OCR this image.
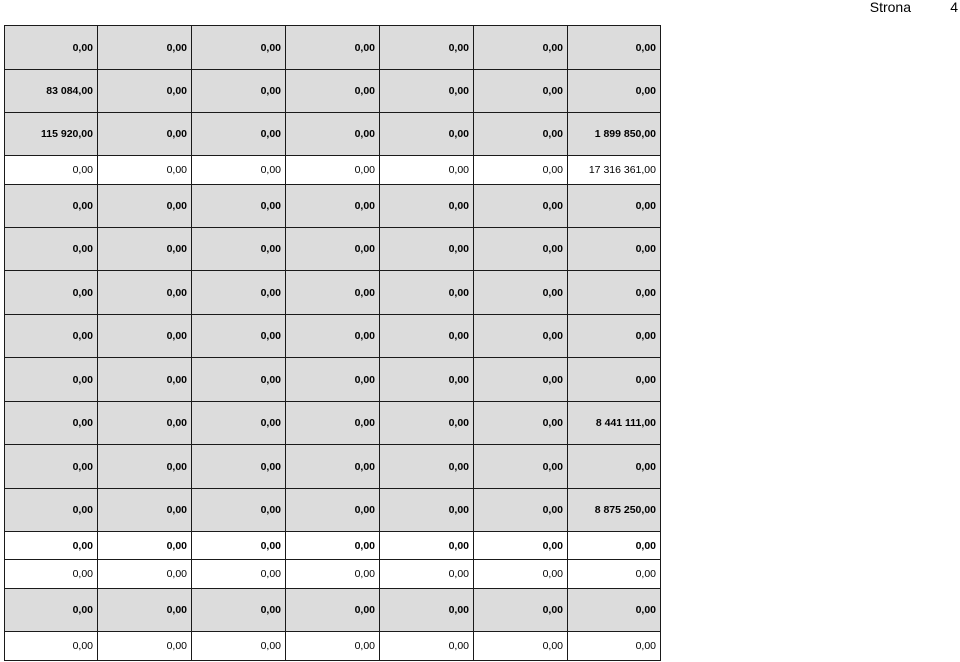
Strona	4
0,00	0,00	0,00	0,00	0,00	0,00	0,00
83 084,00	0,00	0,00	0,00	0,00	0,00	0,00
115 920,00	0,00	0,00	0,00	0,00	0,00	1 899 850,00
0,00	0,00	0,00	0,00	0,00	0,00	17 316 361,00
0,00	0,00	0,00	0,00	0,00	0,00	0,00
0,00	0,00	0,00	0,00	0,00	0,00	0,00
0,00	0,00	0,00	0,00	0,00	0,00	0,00
0,00	0,00	0,00	0,00	0,00	0,00	0,00
0,00	0,00	0,00	0,00	0,00	0,00	0,00
0,00	0,00	0,00	0,00	0,00	0,00	8 441 111,00
0,00	0,00	0,00	0,00	0,00	0,00	0,00
0,00	0,00	0,00	0,00	0,00	0,00	8 875 250,00
0,00	0,00	0,00	0,00	0,00	0,00	0,00
0,00	0,00	0,00	0,00	0,00	0,00	0,00
0,00	0,00	0,00	0,00	0,00	0,00	0,00
0,00	0,00	0,00	0,00	0,00	0,00	0,00
